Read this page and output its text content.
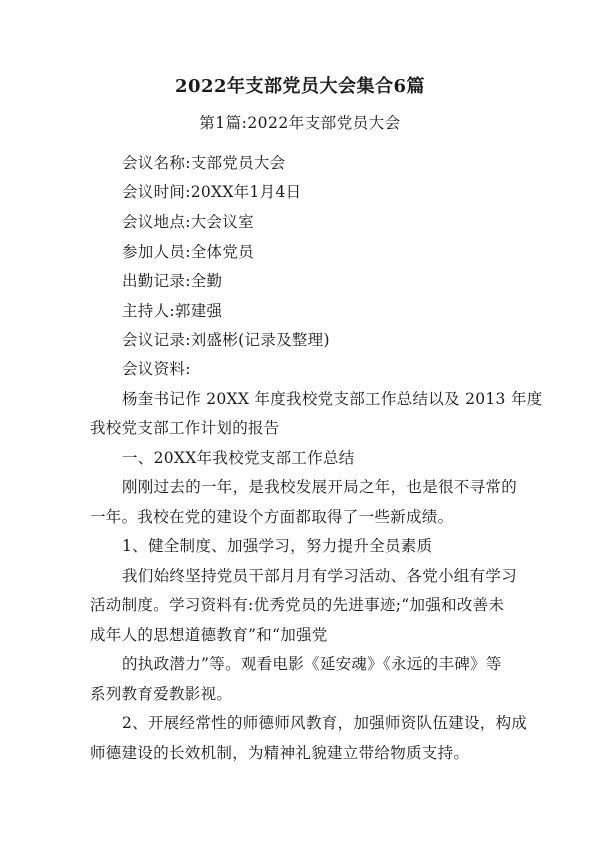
2022年支部党员大会集合6篇
第1篇:2022年支部党员大会
会议名称:支部党员大会
会议时间:20XX年1月4日
会议地点:大会议室
参加人员:全体党员
出勤记录:全勤
主持人:郭建强
会议记录:刘盛彬(记录及整理)
会议资料:
杨奎书记作 20XX 年度我校党支部工作总结以及 2013 年度
我校党支部工作计划的报告
一、20XX年我校党支部工作总结
刚刚过去的一年，是我校发展开局之年，也是很不寻常的
一年。我校在党的建设个方面都取得了一些新成绩。
1、健全制度、加强学习，努力提升全员素质
我们始终坚持党员干部月月有学习活动、各党小组有学习
活动制度。学习资料有:优秀党员的先进事迹;“加强和改善未
成年人的思想道德教育”和“加强党
的执政潜力”等。观看电影《延安魂》《永远的丰碑》等
系列教育爱教影视。
2、开展经常性的师德师风教育，加强师资队伍建设，构成
师德建设的长效机制，为精神礼貌建立带给物质支持。
